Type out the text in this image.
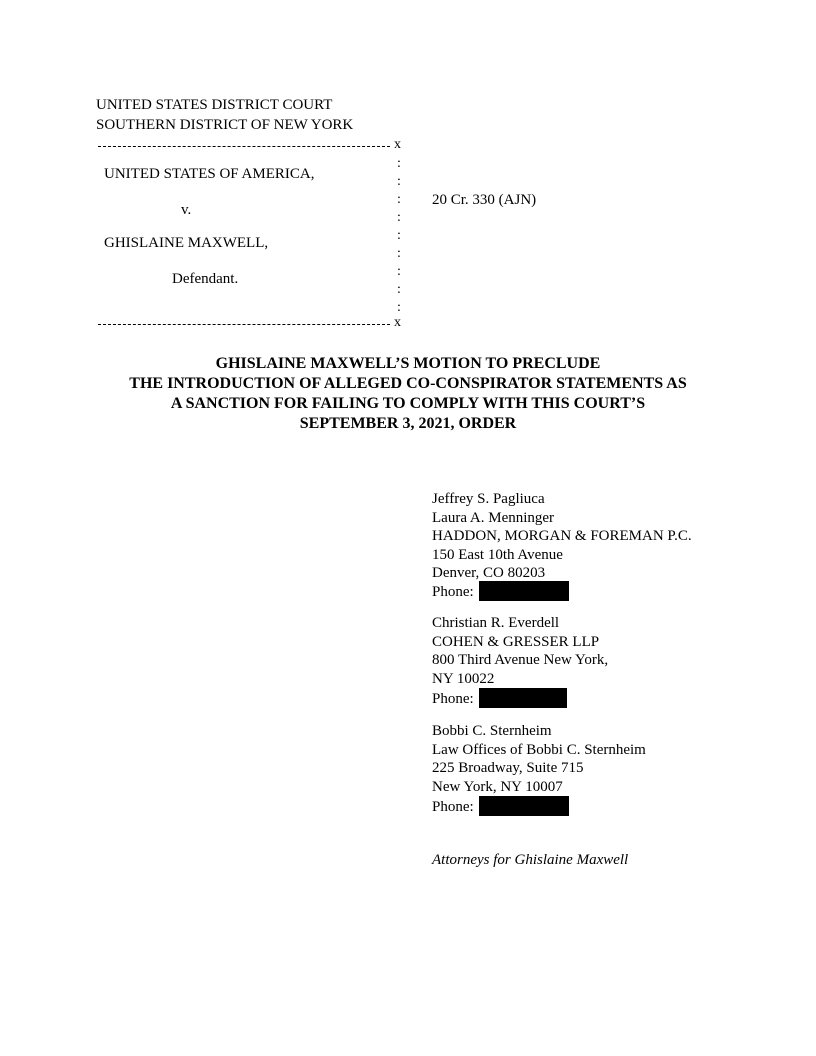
UNITED STATES DISTRICT COURT
SOUTHERN DISTRICT OF NEW YORK
x
:
:
:
:
:
:
:
:
:
UNITED STATES OF AMERICA,
v.
GHISLAINE MAXWELL,
Defendant.
20 Cr. 330 (AJN)
x
GHISLAINE MAXWELL’S MOTION TO PRECLUDE
THE INTRODUCTION OF ALLEGED CO-CONSPIRATOR STATEMENTS AS
A SANCTION FOR FAILING TO COMPLY WITH THIS COURT’S
SEPTEMBER 3, 2021, ORDER
Jeffrey S. Pagliuca
Laura A. Menninger
HADDON, MORGAN & FOREMAN P.C.
150 East 10th Avenue
Denver, CO 80203
Phone:
Christian R. Everdell
COHEN & GRESSER LLP
800 Third Avenue New York,
NY 10022
Phone:
Bobbi C. Sternheim
Law Offices of Bobbi C. Sternheim
225 Broadway, Suite 715
New York, NY 10007
Phone:
Attorneys for Ghislaine Maxwell
